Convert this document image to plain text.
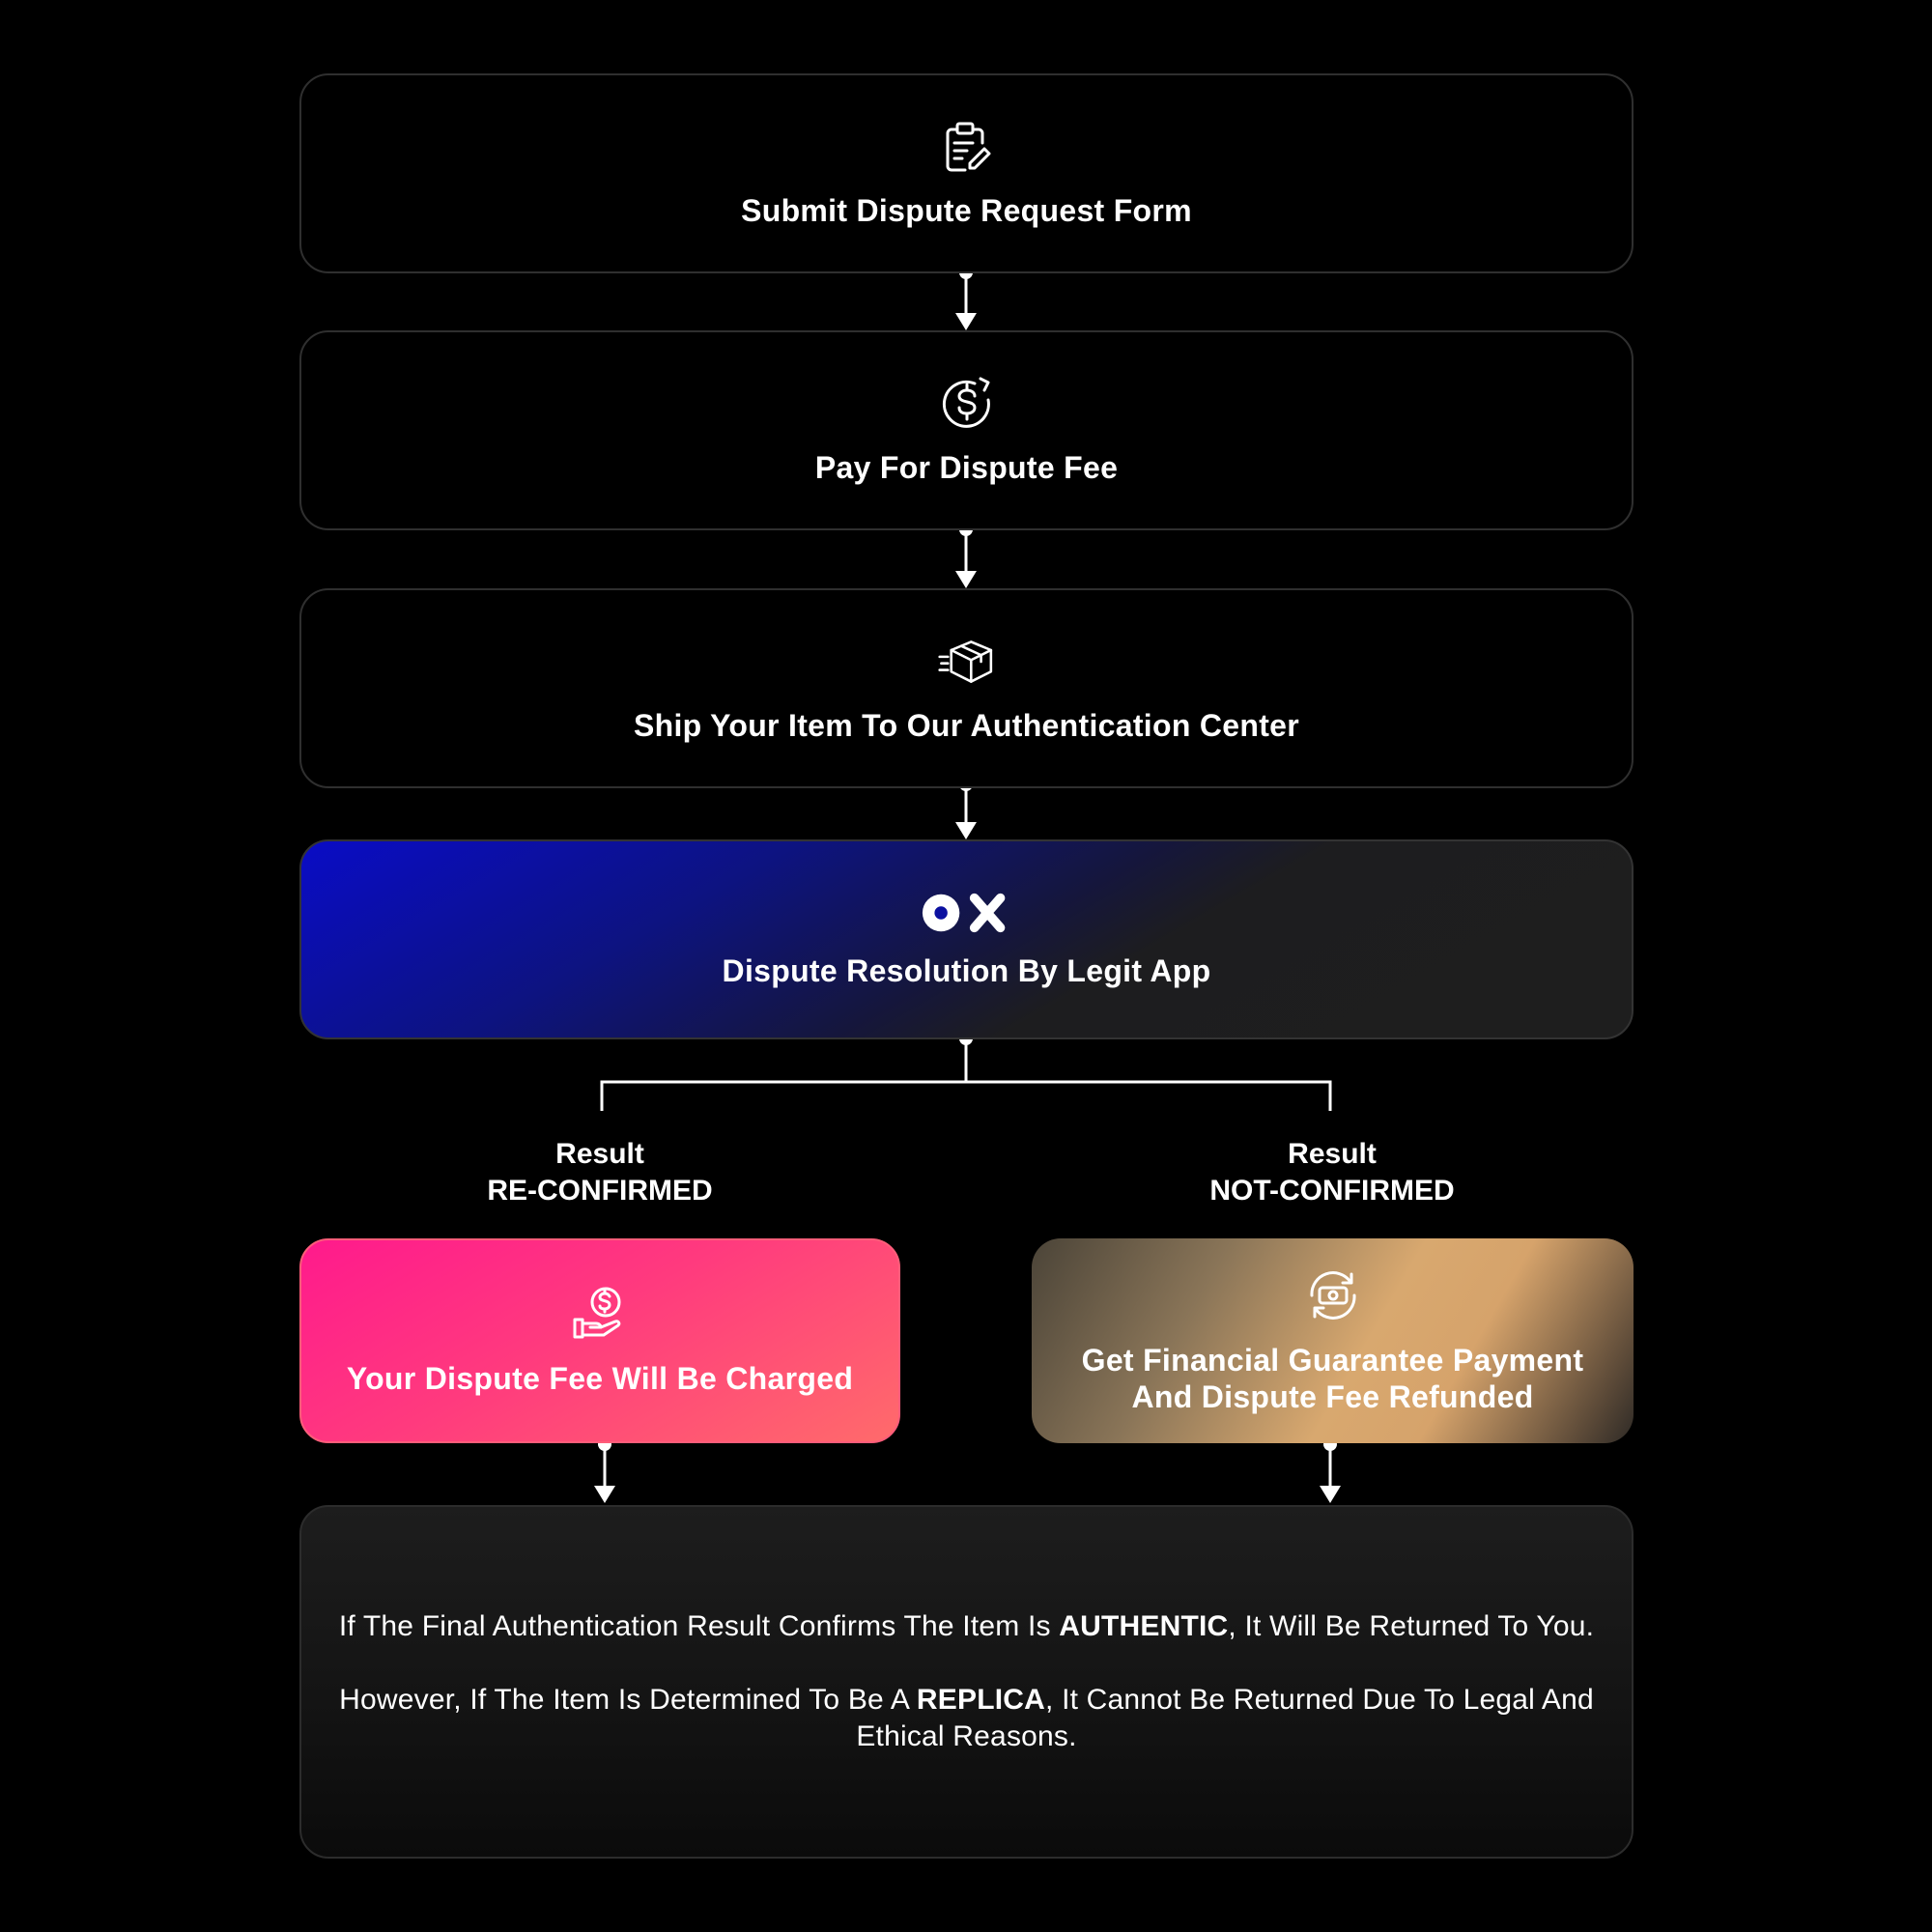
Submit Dispute Request Form
Pay For Dispute Fee
Ship Your Item To Our Authentication Center
Dispute Resolution By Legit App
Result
RE-CONFIRMED
Result
NOT-CONFIRMED
Your Dispute Fee Will Be Charged
Get Financial Guarantee Payment And Dispute Fee Refunded

If The Final Authentication Result Confirms The Item Is AUTHENTIC, It Will Be Returned To You.

However, If The Item Is Determined To Be A REPLICA, It Cannot Be Returned Due To Legal And Ethical Reasons.
